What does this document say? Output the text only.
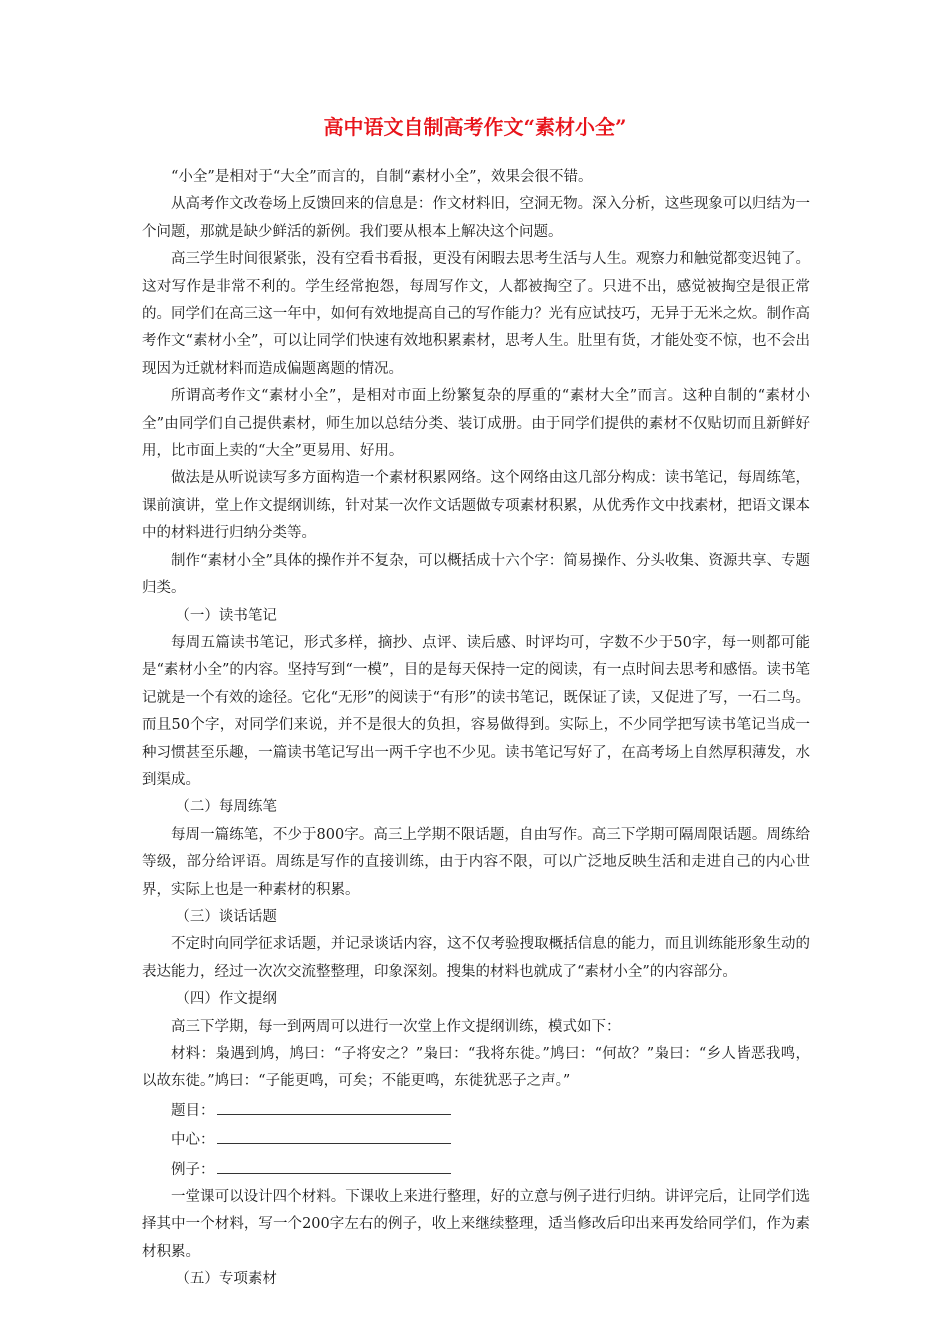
高中语文自制高考作文“素材小全”

“小全”是相对于“大全”而言的，自制“素材小全”，效果会很不错。

从高考作文改卷场上反馈回来的信息是：作文材料旧，空洞无物。深入分析，这些现象可以归结为一个问题，那就是缺少鲜活的新例。我们要从根本上解决这个问题。

高三学生时间很紧张，没有空看书看报，更没有闲暇去思考生活与人生。观察力和触觉都变迟钝了。这对写作是非常不利的。学生经常抱怨，每周写作文，人都被掏空了。只进不出，感觉被掏空是很正常的。同学们在高三这一年中，如何有效地提高自己的写作能力？光有应试技巧，无异于无米之炊。制作高考作文“素材小全”，可以让同学们快速有效地积累素材，思考人生。肚里有货，才能处变不惊，也不会出现因为迁就材料而造成偏题离题的情况。

所谓高考作文“素材小全”，是相对市面上纷繁复杂的厚重的“素材大全”而言。这种自制的“素材小全”由同学们自己提供素材，师生加以总结分类、装订成册。由于同学们提供的素材不仅贴切而且新鲜好用，比市面上卖的“大全”更易用、好用。

做法是从听说读写多方面构造一个素材积累网络。这个网络由这几部分构成：读书笔记，每周练笔，课前演讲，堂上作文提纲训练，针对某一次作文话题做专项素材积累，从优秀作文中找素材，把语文课本中的材料进行归纳分类等。

制作“素材小全”具体的操作并不复杂，可以概括成十六个字：简易操作、分头收集、资源共享、专题归类。

（一）读书笔记

每周五篇读书笔记，形式多样，摘抄、点评、读后感、时评均可，字数不少于50字，每一则都可能是“素材小全”的内容。坚持写到“一模”，目的是每天保持一定的阅读，有一点时间去思考和感悟。读书笔记就是一个有效的途径。它化“无形”的阅读于“有形”的读书笔记，既保证了读，又促进了写，一石二鸟。而且50个字，对同学们来说，并不是很大的负担，容易做得到。实际上，不少同学把写读书笔记当成一种习惯甚至乐趣，一篇读书笔记写出一两千字也不少见。读书笔记写好了，在高考场上自然厚积薄发，水到渠成。

（二）每周练笔

每周一篇练笔，不少于800字。高三上学期不限话题，自由写作。高三下学期可隔周限话题。周练给等级，部分给评语。周练是写作的直接训练，由于内容不限，可以广泛地反映生活和走进自己的内心世界，实际上也是一种素材的积累。

（三）谈话话题

不定时向同学征求话题，并记录谈话内容，这不仅考验搜取概括信息的能力，而且训练能形象生动的表达能力，经过一次次交流整整理，印象深刻。搜集的材料也就成了“素材小全”的内容部分。

（四）作文提纲

高三下学期，每一到两周可以进行一次堂上作文提纲训练，模式如下：

材料：枭遇到鸠，鸠曰：“子将安之？”枭曰：“我将东徙。”鸠曰：“何故？”枭曰：“乡人皆恶我鸣，以故东徙。”鸠曰：“子能更鸣，可矣；不能更鸣，东徙犹恶子之声。”

题目：
中心：
例子：

一堂课可以设计四个材料。下课收上来进行整理，好的立意与例子进行归纳。讲评完后，让同学们选择其中一个材料，写一个200字左右的例子，收上来继续整理，适当修改后印出来再发给同学们，作为素材积累。

（五）专项素材
